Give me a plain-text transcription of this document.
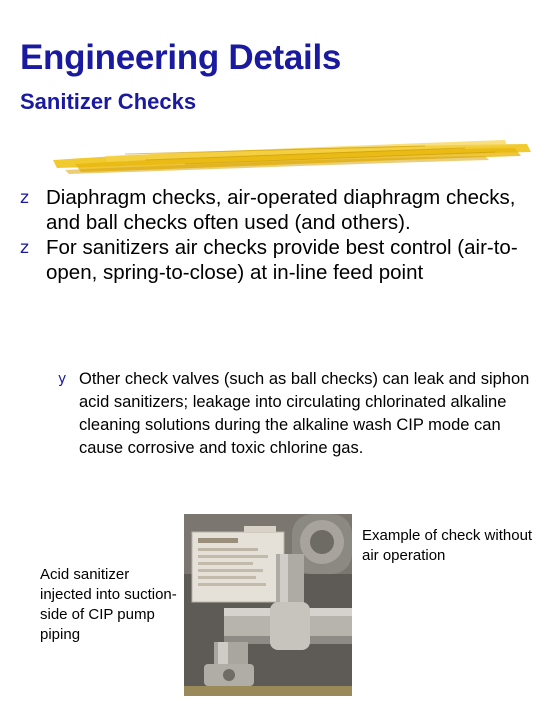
Engineering Details
Sanitizer Checks
z Diaphragm checks, air-operated diaphragm checks, and ball checks often used (and others).
z For sanitizers air checks provide best control (air-to-open, spring-to-close) at in-line feed point
y Other check valves (such as ball checks) can leak and siphon acid sanitizers; leakage into circulating chlorinated alkaline cleaning solutions during the alkaline wash CIP mode can cause corrosive and toxic chlorine gas.
Acid sanitizer injected into suction-side of CIP pump piping
Example of check without air operation
